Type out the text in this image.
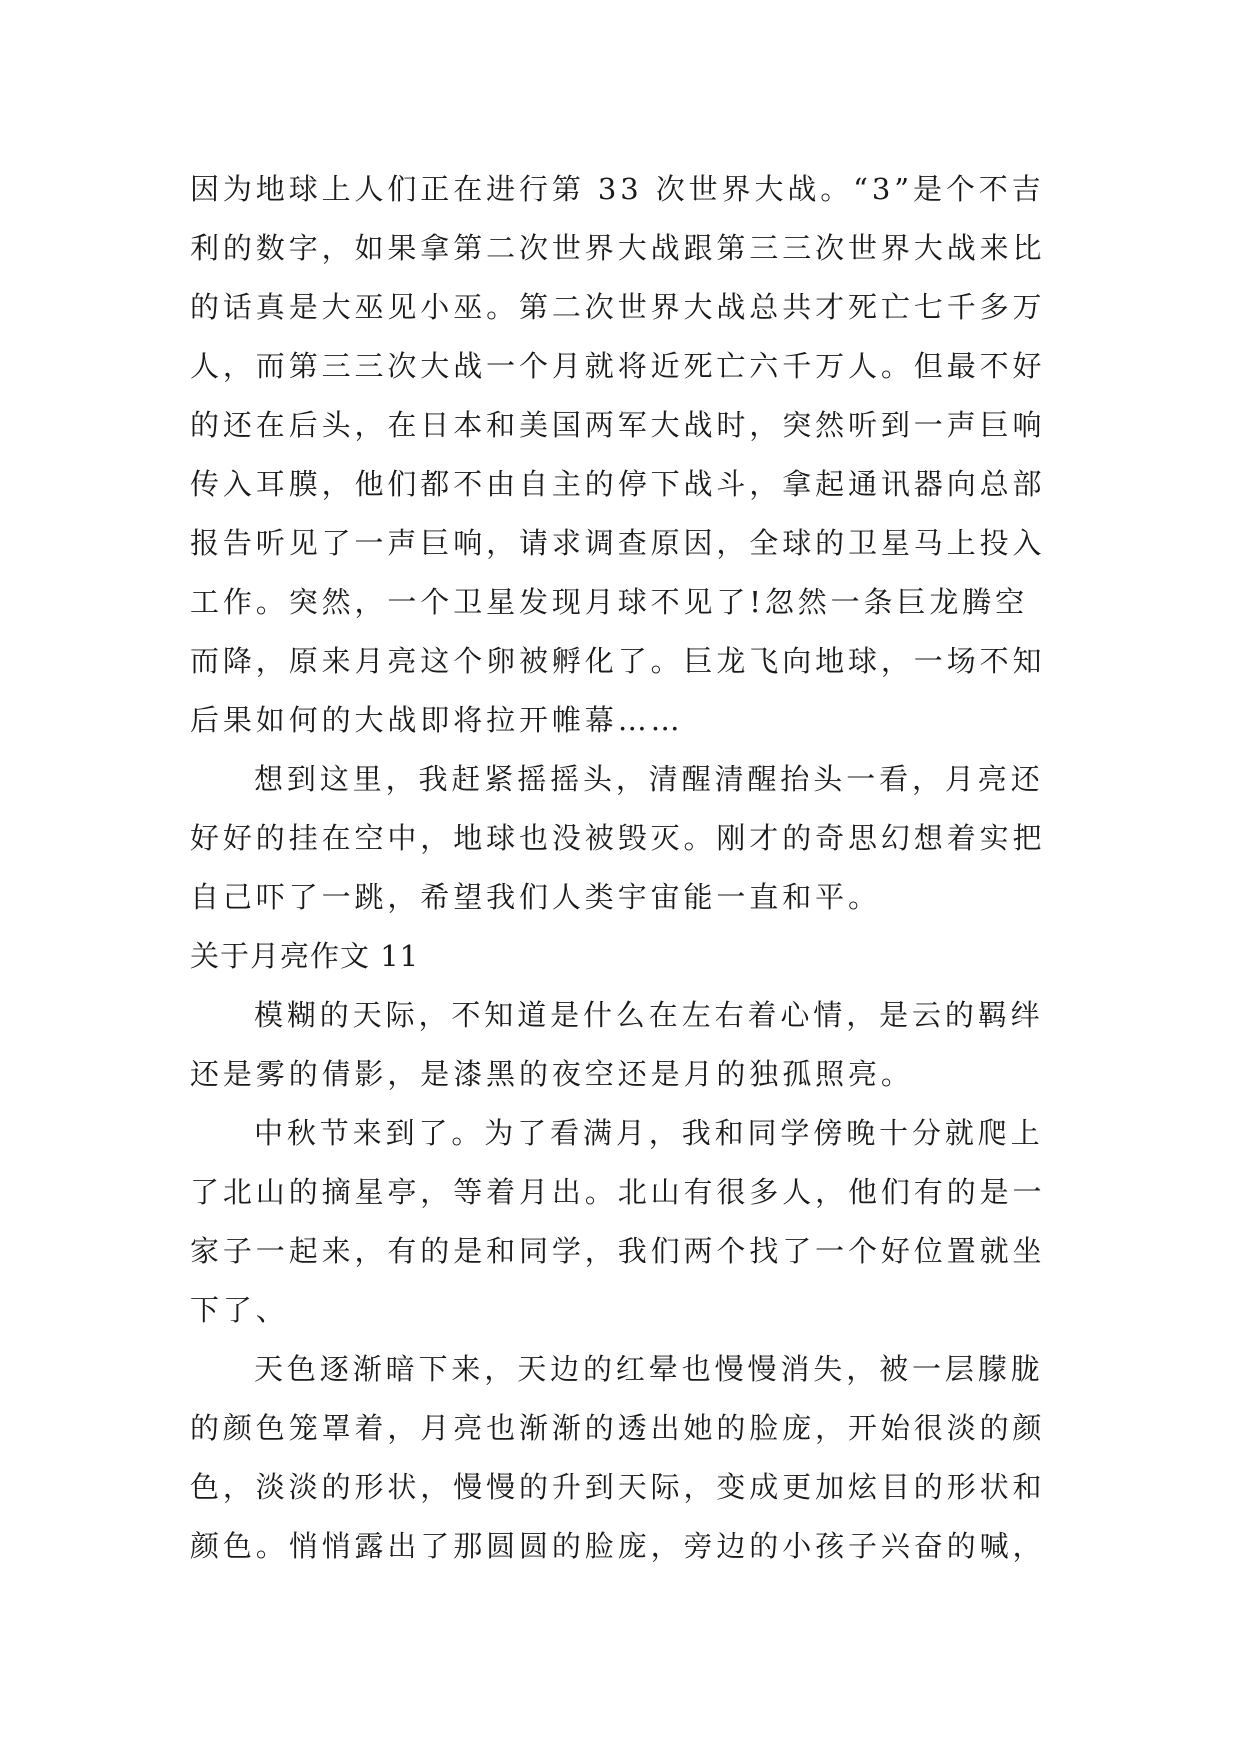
因为地球上人们正在进行第 33 次世界大战。“3”是个不吉
利的数字，如果拿第二次世界大战跟第三三次世界大战来比
的话真是大巫见小巫。第二次世界大战总共才死亡七千多万
人，而第三三次大战一个月就将近死亡六千万人。但最不好
的还在后头，在日本和美国两军大战时，突然听到一声巨响
传入耳膜，他们都不由自主的停下战斗，拿起通讯器向总部
报告听见了一声巨响，请求调查原因，全球的卫星马上投入
工作。突然，一个卫星发现月球不见了!忽然一条巨龙腾空
而降，原来月亮这个卵被孵化了。巨龙飞向地球，一场不知
后果如何的大战即将拉开帷幕……
想到这里，我赶紧摇摇头，清醒清醒抬头一看，月亮还
好好的挂在空中，地球也没被毁灭。刚才的奇思幻想着实把
自己吓了一跳，希望我们人类宇宙能一直和平。
关于月亮作文 11
模糊的天际，不知道是什么在左右着心情，是云的羁绊
还是雾的倩影，是漆黑的夜空还是月的独孤照亮。
中秋节来到了。为了看满月，我和同学傍晚十分就爬上
了北山的摘星亭，等着月出。北山有很多人，他们有的是一
家子一起来，有的是和同学，我们两个找了一个好位置就坐
下了、
天色逐渐暗下来，天边的红晕也慢慢消失，被一层朦胧
的颜色笼罩着，月亮也渐渐的透出她的脸庞，开始很淡的颜
色，淡淡的形状，慢慢的升到天际，变成更加炫目的形状和
颜色。悄悄露出了那圆圆的脸庞，旁边的小孩子兴奋的喊，
